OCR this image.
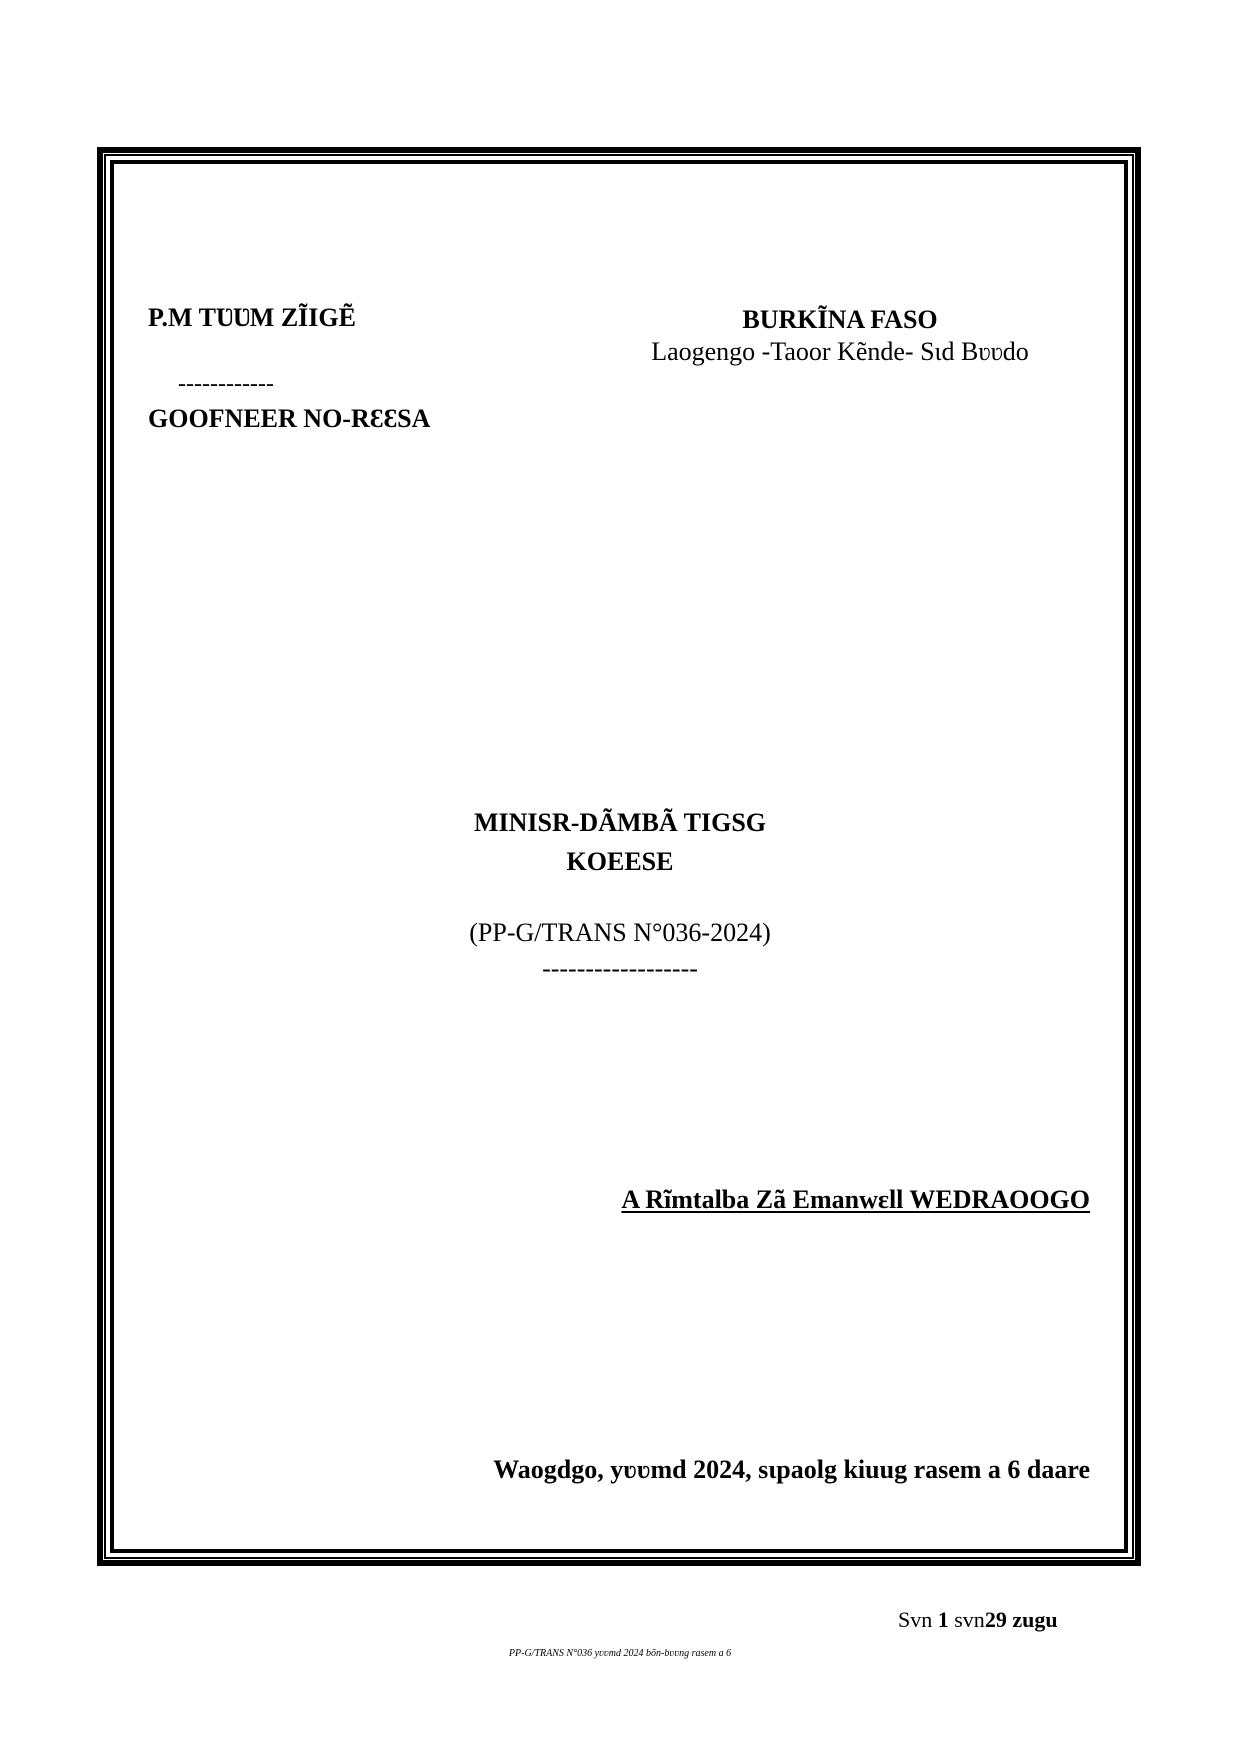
P.M TƲƲM ZĨIGẼ
------------
GOOFNEER NO-RƐƐSA
BURKĨNA FASO
Laogengo -Taoor Kẽnde- Sɩd Bʋʋdo
MINISR-DÃMBÃ TIGSG
KOEESE
(PP-G/TRANS N°036-2024)
------------------
A Rĩmtalba Zã Emanwɛll WEDRAOOGO
Waogdgo, yʋʋmd 2024, sɩpaolg kiuug rasem a 6 daare
Svn 1 svn29 zugu
PP-G/TRANS N°036 yʋʋmd 2024 bõn-bʋʋng rasem a 6
